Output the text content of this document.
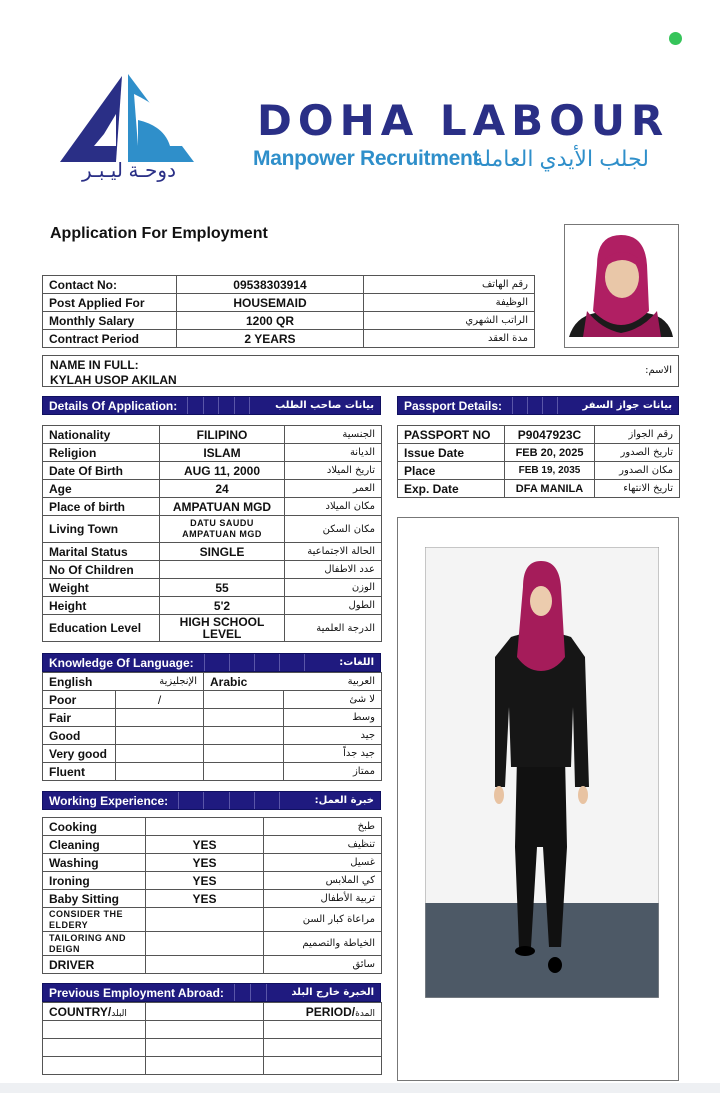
دوحـة ليـبـر
DOHA LABOUR
Manpower Recruitment
لجلب الأيدي العاملة
Application For Employment
Contact No:	09538303914	رقم الهاتف
Post Applied For	HOUSEMAID	الوظيفة
Monthly Salary	1200 QR	الراتب الشهري
Contract Period	2 YEARS	مدة العقد
NAME IN FULL:
KYLAH USOP AKILAN
الاسم:
Details Of Application:	بيانات صاحب الطلب	Passport Details:	بيانات جواز السفر
Nationality	FILIPINO	الجنسية
Religion	ISLAM	الديانة
Date Of Birth	AUG 11, 2000	تاريخ الميلاد
Age	24	العمر
Place of birth	AMPATUAN MGD	مكان الميلاد
Living Town	DATU SAUDU AMPATUAN MGD	مكان السكن
Marital Status	SINGLE	الحالة الاجتماعية
No Of Children		عدد الاطفال
Weight	55	الوزن
Height	5'2	الطول
Education Level	HIGH SCHOOL LEVEL	الدرجة العلمية
PASSPORT NO	P9047923C	رقم الجواز
Issue Date	FEB 20, 2025	تاريخ الصدور
Place	FEB 19, 2035	مكان الصدور
Exp. Date	DFA MANILA	تاريخ الانتهاء
Knowledge Of Language:	اللغات:
English	الإنجليزية	Arabic	العربية
Poor	/		لا شئ
Fair			وسط
Good			جيد
Very good			جيد جداً
Fluent			ممتاز
Working Experience:	خبرة العمل:
Cooking		طبخ
Cleaning	YES	تنظيف
Washing	YES	غسيل
Ironing	YES	كي الملابس
Baby Sitting	YES	تربية الأطفال
CONSIDER THE ELDERY		مراعاة كبار السن
TAILORING AND DEIGN		الخياطة والتصميم
DRIVER		سائق
Previous Employment Abroad:	الخبرة خارج البلد
COUNTRY/البلد		PERIOD/المدة
